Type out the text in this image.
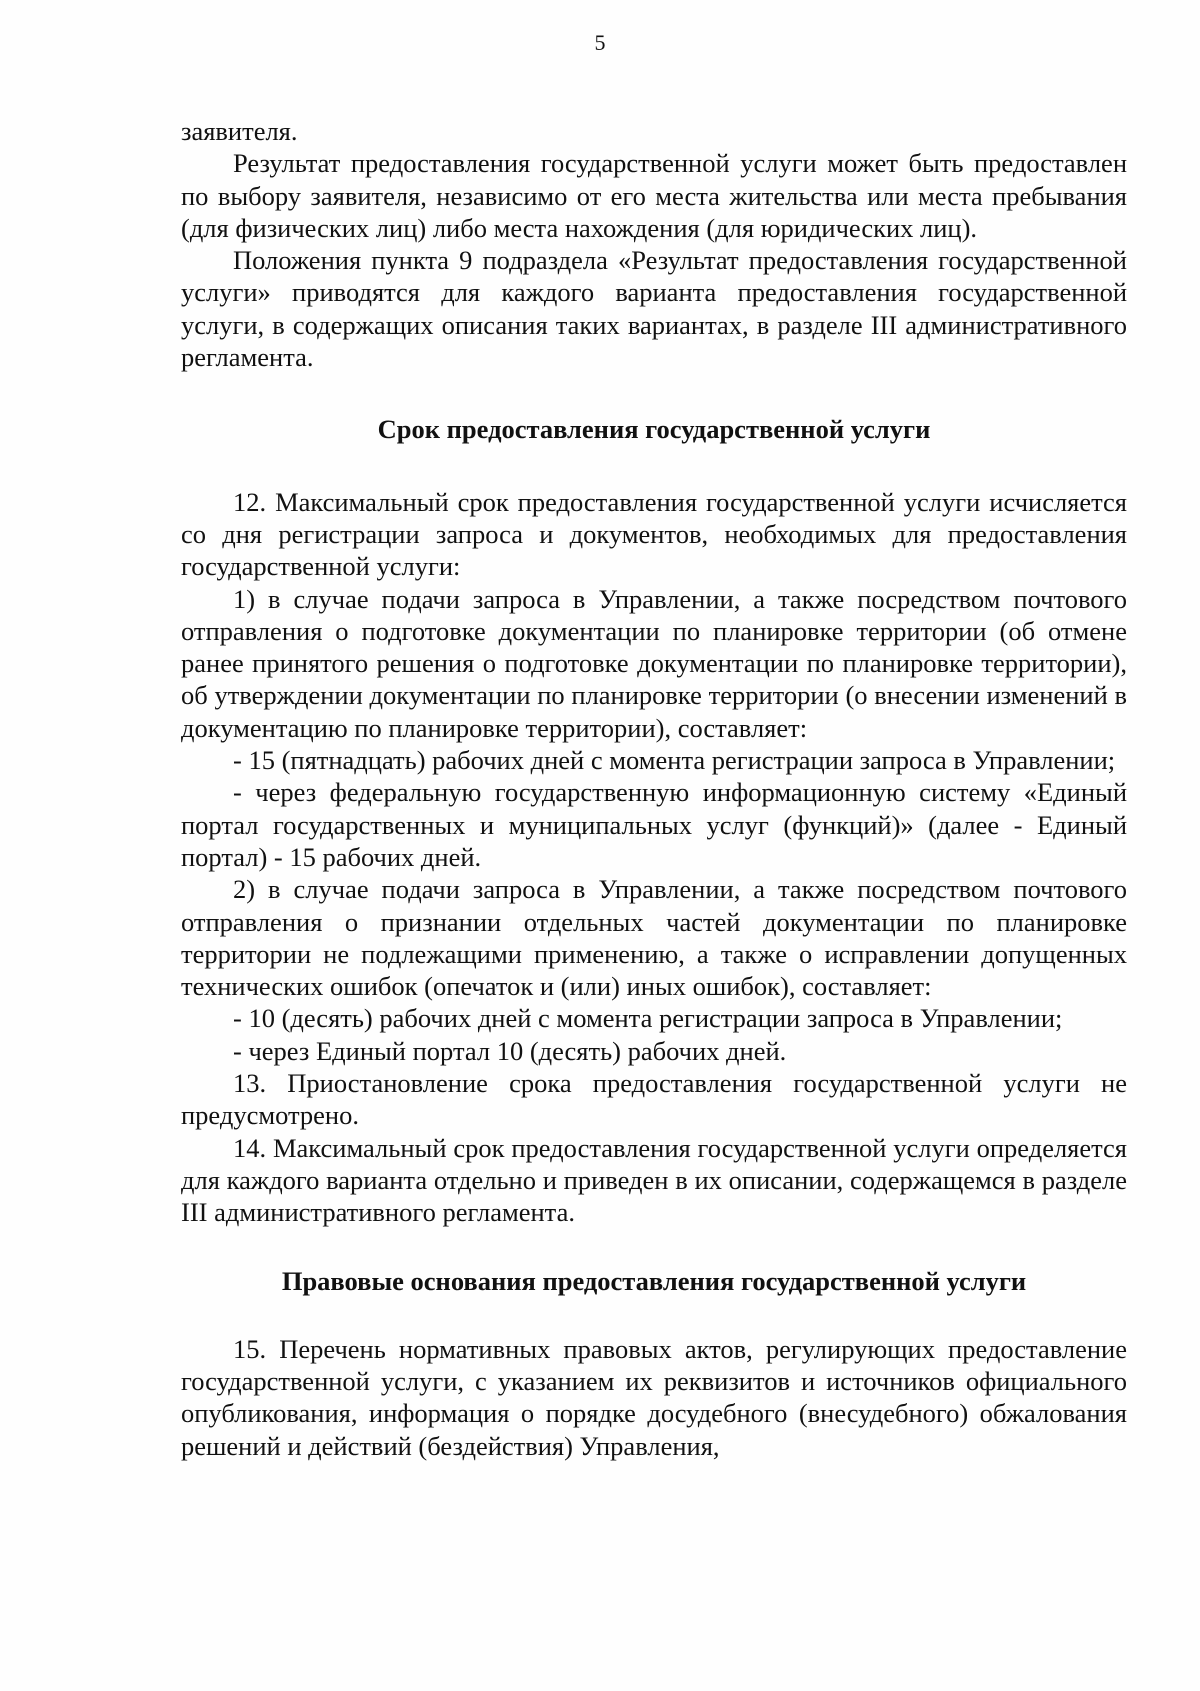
5

заявителя.

Результат предоставления государственной услуги может быть предоставлен по выбору заявителя, независимо от его места жительства или места пребывания (для физических лиц) либо места нахождения (для юридических лиц).

Положения пункта 9 подраздела «Результат предоставления государственной услуги» приводятся для каждого варианта предоставления государственной услуги, в содержащих описания таких вариантах, в разделе III административного регламента.

Срок предоставления государственной услуги

12. Максимальный срок предоставления государственной услуги исчисляется со дня регистрации запроса и документов, необходимых для предоставления государственной услуги:

1) в случае подачи запроса в Управлении, а также посредством почтового отправления о подготовке документации по планировке территории (об отмене ранее принятого решения о подготовке документации по планировке территории), об утверждении документации по планировке территории (о внесении изменений в документацию по планировке территории), составляет:

- 15 (пятнадцать) рабочих дней с момента регистрации запроса в Управлении;

- через федеральную государственную информационную систему «Единый портал государственных и муниципальных услуг (функций)» (далее - Единый портал) - 15 рабочих дней.

2) в случае подачи запроса в Управлении, а также посредством почтового отправления о признании отдельных частей документации по планировке территории не подлежащими применению, а также о исправлении допущенных технических ошибок (опечаток и (или) иных ошибок), составляет:

- 10 (десять) рабочих дней с момента регистрации запроса в Управлении;

- через Единый портал 10 (десять) рабочих дней.

13. Приостановление срока предоставления государственной услуги не предусмотрено.

14. Максимальный срок предоставления государственной услуги определяется для каждого варианта отдельно и приведен в их описании, содержащемся в разделе III административного регламента.

Правовые основания предоставления государственной услуги

15. Перечень нормативных правовых актов, регулирующих предоставление государственной услуги, с указанием их реквизитов и источников официального опубликования, информация о порядке досудебного (внесудебного) обжалования решений и действий (бездействия) Управления,
